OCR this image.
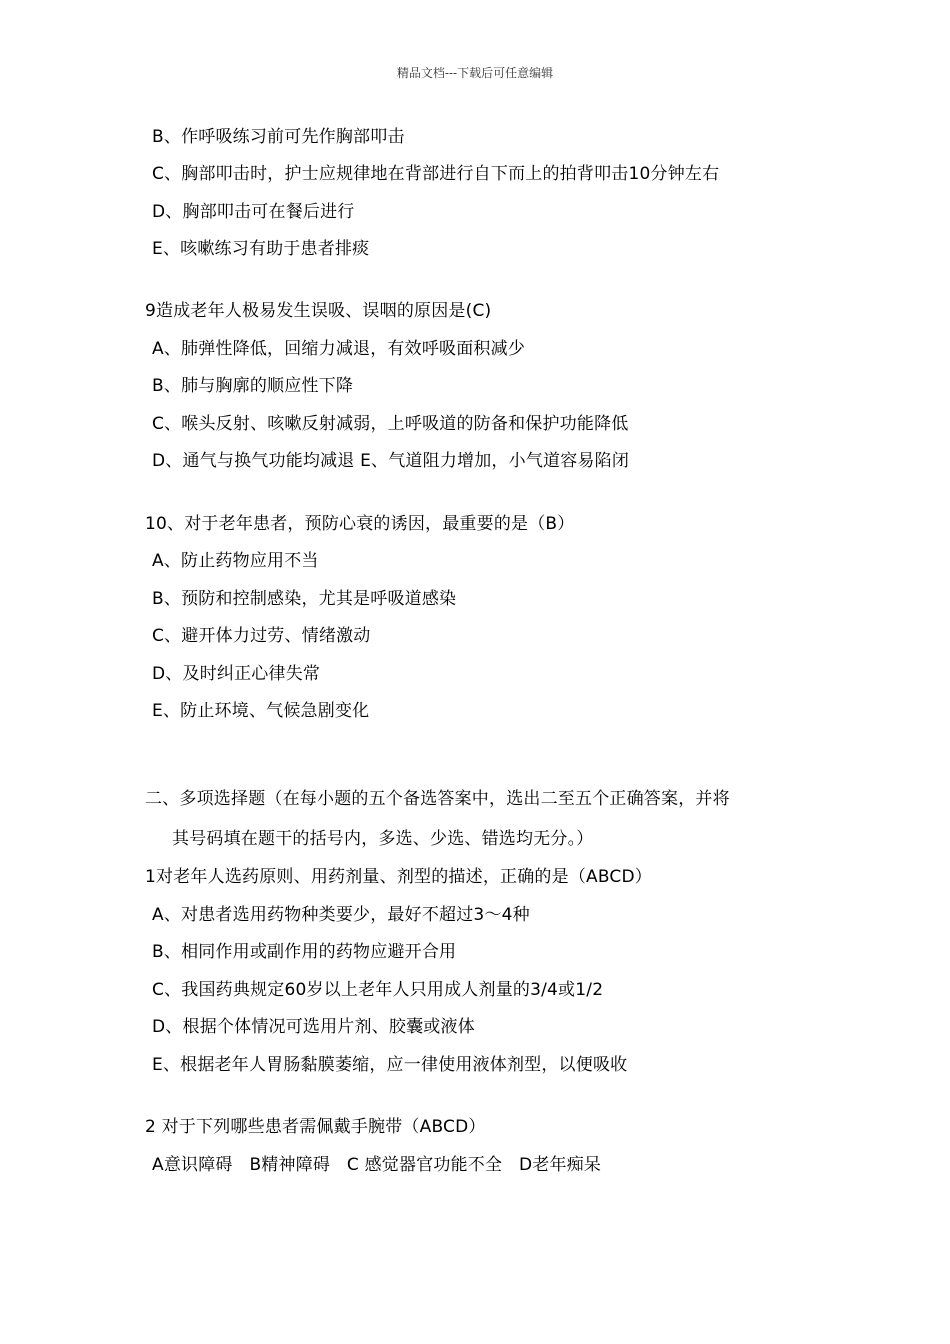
精品文档---下载后可任意编辑
B、作呼吸练习前可先作胸部叩击
C、胸部叩击时，护士应规律地在背部进行自下而上的拍背叩击10分钟左右
D、胸部叩击可在餐后进行
E、咳嗽练习有助于患者排痰
9造成老年人极易发生误吸、误咽的原因是(C)
A、肺弹性降低，回缩力减退，有效呼吸面积减少
B、肺与胸廓的顺应性下降
C、喉头反射、咳嗽反射减弱，上呼吸道的防备和保护功能降低
D、通气与换气功能均减退 E、气道阻力增加，小气道容易陷闭
10、对于老年患者，预防心衰的诱因，最重要的是（B）
A、防止药物应用不当
B、预防和控制感染，尤其是呼吸道感染
C、避开体力过劳、情绪激动
D、及时纠正心律失常
E、防止环境、气候急剧变化
二、多项选择题（在每小题的五个备选答案中，选出二至五个正确答案，并将
其号码填在题干的括号内，多选、少选、错选均无分。）
1对老年人选药原则、用药剂量、剂型的描述，正确的是（ABCD）
A、对患者选用药物种类要少，最好不超过3～4种
B、相同作用或副作用的药物应避开合用
C、我国药典规定60岁以上老年人只用成人剂量的3/4或1/2
D、根据个体情况可选用片剂、胶囊或液体
E、根据老年人胃肠黏膜萎缩，应一律使用液体剂型，以便吸收
2 对于下列哪些患者需佩戴手腕带（ABCD）
A意识障碍   B精神障碍   C 感觉器官功能不全   D老年痴呆
